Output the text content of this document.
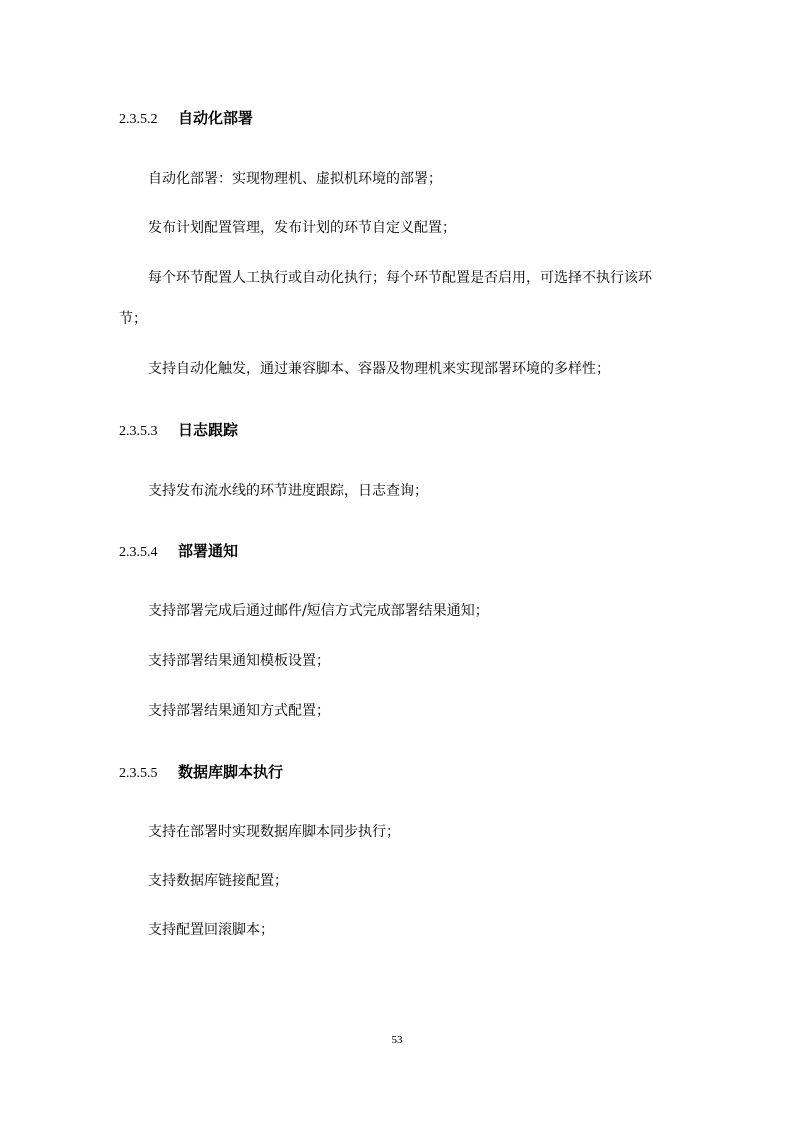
2.3.5.2 自动化部署

自动化部署：实现物理机、虚拟机环境的部署；

发布计划配置管理，发布计划的环节自定义配置；

每个环节配置人工执行或自动化执行；每个环节配置是否启用，可选择不执行该环

节；

支持自动化触发，通过兼容脚本、容器及物理机来实现部署环境的多样性；

2.3.5.3 日志跟踪

支持发布流水线的环节进度跟踪，日志查询；

2.3.5.4 部署通知

支持部署完成后通过邮件/短信方式完成部署结果通知；

支持部署结果通知模板设置；

支持部署结果通知方式配置；

2.3.5.5 数据库脚本执行

支持在部署时实现数据库脚本同步执行；

支持数据库链接配置；

支持配置回滚脚本；

53
